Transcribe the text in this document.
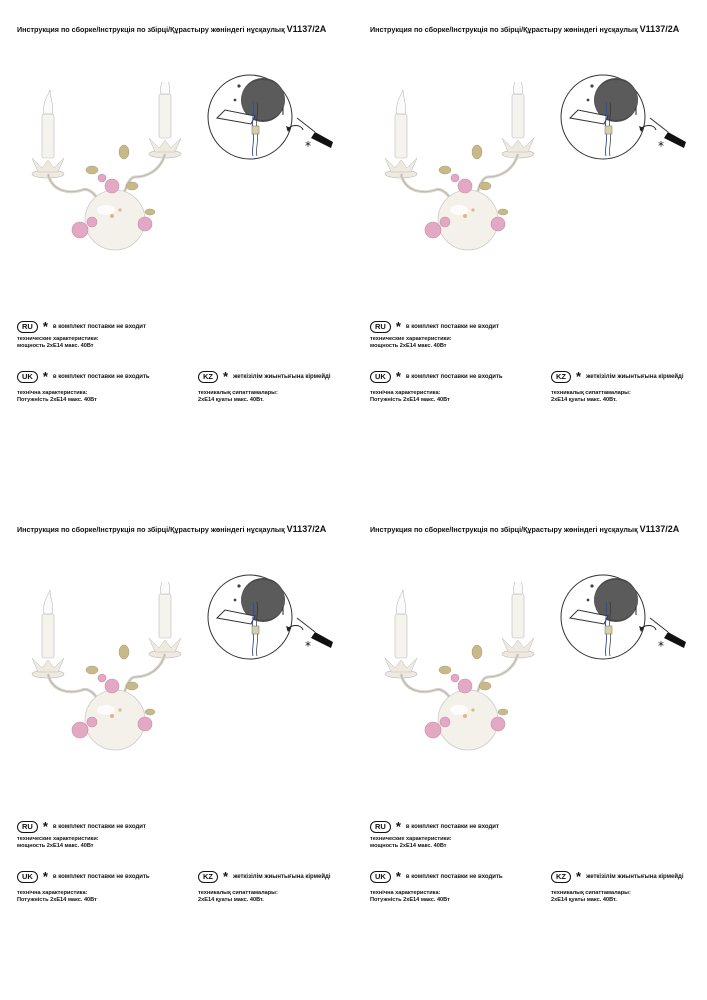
Инструкция по сборке/Інструкція по збірці/Құрастыру жөніндегі нұсқаулық V1137/2A
*
RU * в комплект поставки не входит
технические характеристики:
мощность 2xE14 макс. 40Вт
UK * в комплект поставки не входить
технічна характеристика:
Потужність 2xE14 макс. 40Вт
KZ * жеткізілім жиынтығына кірмейді
техникалық сипаттамалары:
2xE14 қуаты макс. 40Вт.
Инструкция по сборке/Інструкція по збірці/Құрастыру жөніндегі нұсқаулық V1137/2A
*
RU * в комплект поставки не входит
технические характеристики:
мощность 2xE14 макс. 40Вт
UK * в комплект поставки не входить
технічна характеристика:
Потужність 2xE14 макс. 40Вт
KZ * жеткізілім жиынтығына кірмейді
техникалық сипаттамалары:
2xE14 қуаты макс. 40Вт.
Инструкция по сборке/Інструкція по збірці/Құрастыру жөніндегі нұсқаулық V1137/2A
*
RU * в комплект поставки не входит
технические характеристики:
мощность 2xE14 макс. 40Вт
UK * в комплект поставки не входить
технічна характеристика:
Потужність 2xE14 макс. 40Вт
KZ * жеткізілім жиынтығына кірмейді
техникалық сипаттамалары:
2xE14 қуаты макс. 40Вт.
Инструкция по сборке/Інструкція по збірці/Құрастыру жөніндегі нұсқаулық V1137/2A
*
RU * в комплект поставки не входит
технические характеристики:
мощность 2xE14 макс. 40Вт
UK * в комплект поставки не входить
технічна характеристика:
Потужність 2xE14 макс. 40Вт
KZ * жеткізілім жиынтығына кірмейді
техникалық сипаттамалары:
2xE14 қуаты макс. 40Вт.
